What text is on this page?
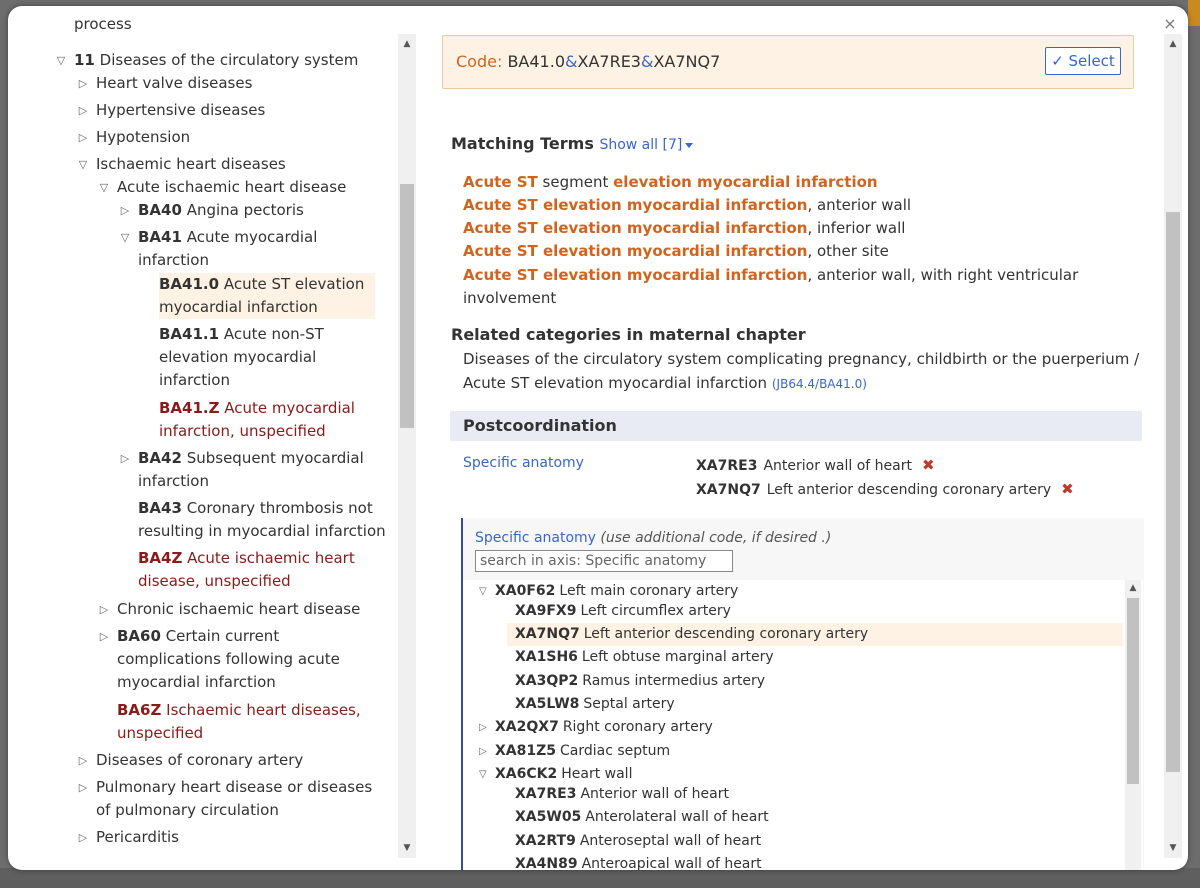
×
process
▽ 11 Diseases of the circulatory system
▷ Heart valve diseases
▷ Hypertensive diseases
▷ Hypotension
▽ Ischaemic heart diseases
▽ Acute ischaemic heart disease
▷ BA40 Angina pectoris
▽ BA41 Acute myocardial
infarction
BA41.0 Acute ST elevation
myocardial infarction
BA41.1 Acute non-ST
elevation myocardial
infarction
BA41.Z Acute myocardial
infarction, unspecified
▷ BA42 Subsequent myocardial
infarction
BA43 Coronary thrombosis not
resulting in myocardial infarction
BA4Z Acute ischaemic heart
disease, unspecified
▷ Chronic ischaemic heart disease
▷ BA60 Certain current
complications following acute
myocardial infarction
BA6Z Ischaemic heart diseases,
unspecified
▷ Diseases of coronary artery
▷ Pulmonary heart disease or diseases
of pulmonary circulation
▷ Pericarditis
▲
▼
Code: BA41.0&XA7RE3&XA7NQ7	✓ Select
Matching Terms Show all [7]
Acute ST segment elevation myocardial infarction
Acute ST elevation myocardial infarction, anterior wall
Acute ST elevation myocardial infarction, inferior wall
Acute ST elevation myocardial infarction, other site
Acute ST elevation myocardial infarction, anterior wall, with right ventricular
involvement
Related categories in maternal chapter
Diseases of the circulatory system complicating pregnancy, childbirth or the puerperium /
Acute ST elevation myocardial infarction (JB64.4/BA41.0)
Postcoordination
Specific anatomy	XA7RE3 Anterior wall of heart ✖
XA7NQ7 Left anterior descending coronary artery ✖
Specific anatomy (use additional code, if desired .)
search in axis: Specific anatomy
▽ XA0F62 Left main coronary artery
XA9FX9 Left circumflex artery
XA7NQ7 Left anterior descending coronary artery
XA1SH6 Left obtuse marginal artery
XA3QP2 Ramus intermedius artery
XA5LW8 Septal artery
▷ XA2QX7 Right coronary artery
▷ XA81Z5 Cardiac septum
▽ XA6CK2 Heart wall
XA7RE3 Anterior wall of heart
XA5W05 Anterolateral wall of heart
XA2RT9 Anteroseptal wall of heart
XA4N89 Anteroapical wall of heart
▲
▲
▼
